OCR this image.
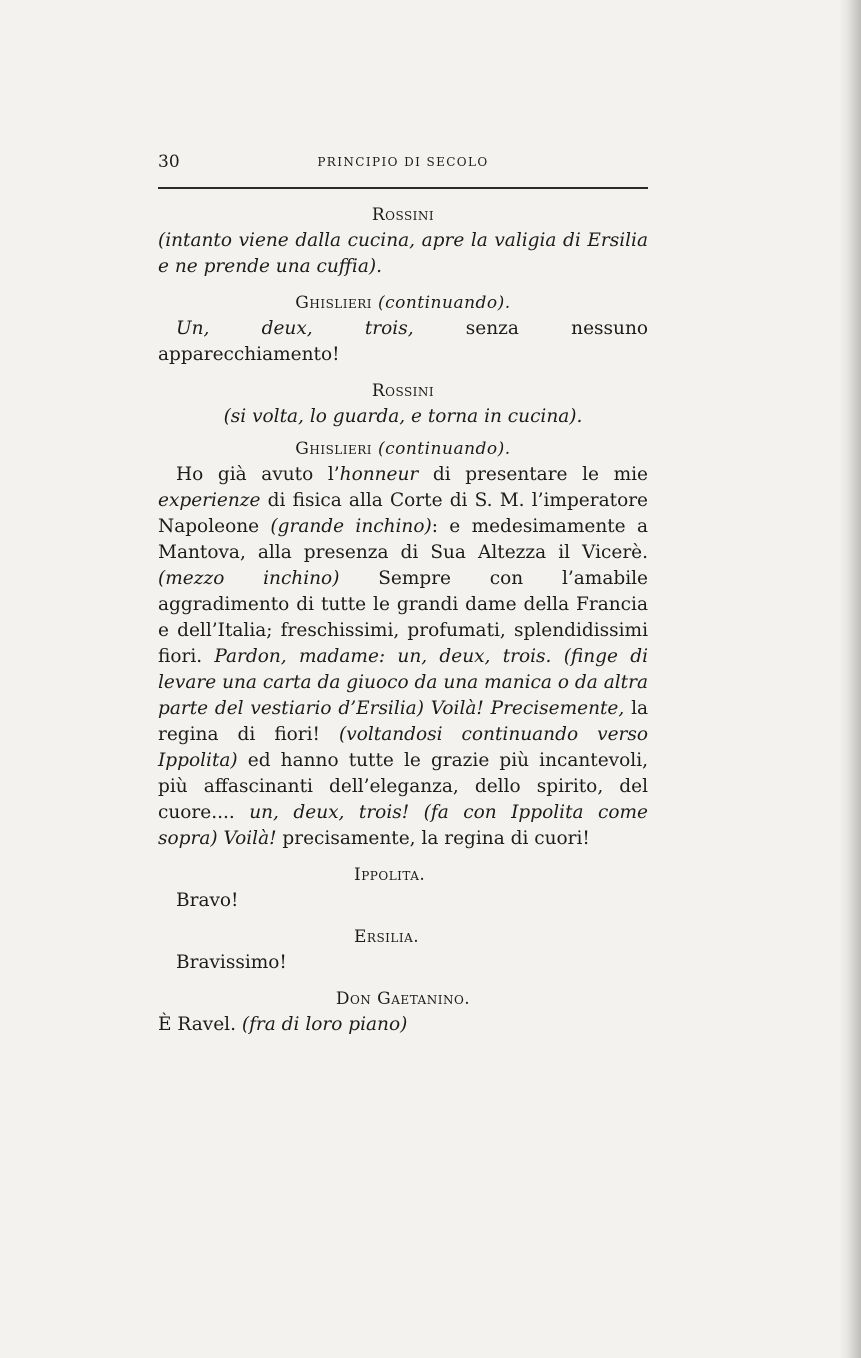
30	PRINCIPIO DI SECOLO
Rossini

(intanto viene dalla cucina, apre la valigia di Ersilia e ne prende una cuffia).

Ghislieri (continuando).

Un, deux, trois, senza nessuno apparecchiamento!

Rossini

(si volta, lo guarda, e torna in cucina).

Ghislieri (continuando).

Ho già avuto l’honneur di presentare le mie experienze di fisica alla Corte di S. M. l’imperatore Napoleone (grande inchino): e medesimamente a Mantova, alla presenza di Sua Altezza il Vicerè. (mezzo inchino) Sempre con l’amabile aggradimento di tutte le grandi dame della Francia e dell’Italia; freschissimi, profumati, splendidissimi fiori. Pardon, madame: un, deux, trois. (finge di levare una carta da giuoco da una manica o da altra parte del vestiario d’Ersilia) Voilà! Precisemente, la regina di fiori! (voltandosi continuando verso Ippolita) ed hanno tutte le grazie più incantevoli, più affascinanti dell’eleganza, dello spirito, del cuore.... un, deux, trois! (fa con Ippolita come sopra) Voilà! precisamente, la regina di cuori!

Ippolita.
Bravo!
Ersilia.
Bravissimo!
Don Gaetanino.

È Ravel. (fra di loro piano)
